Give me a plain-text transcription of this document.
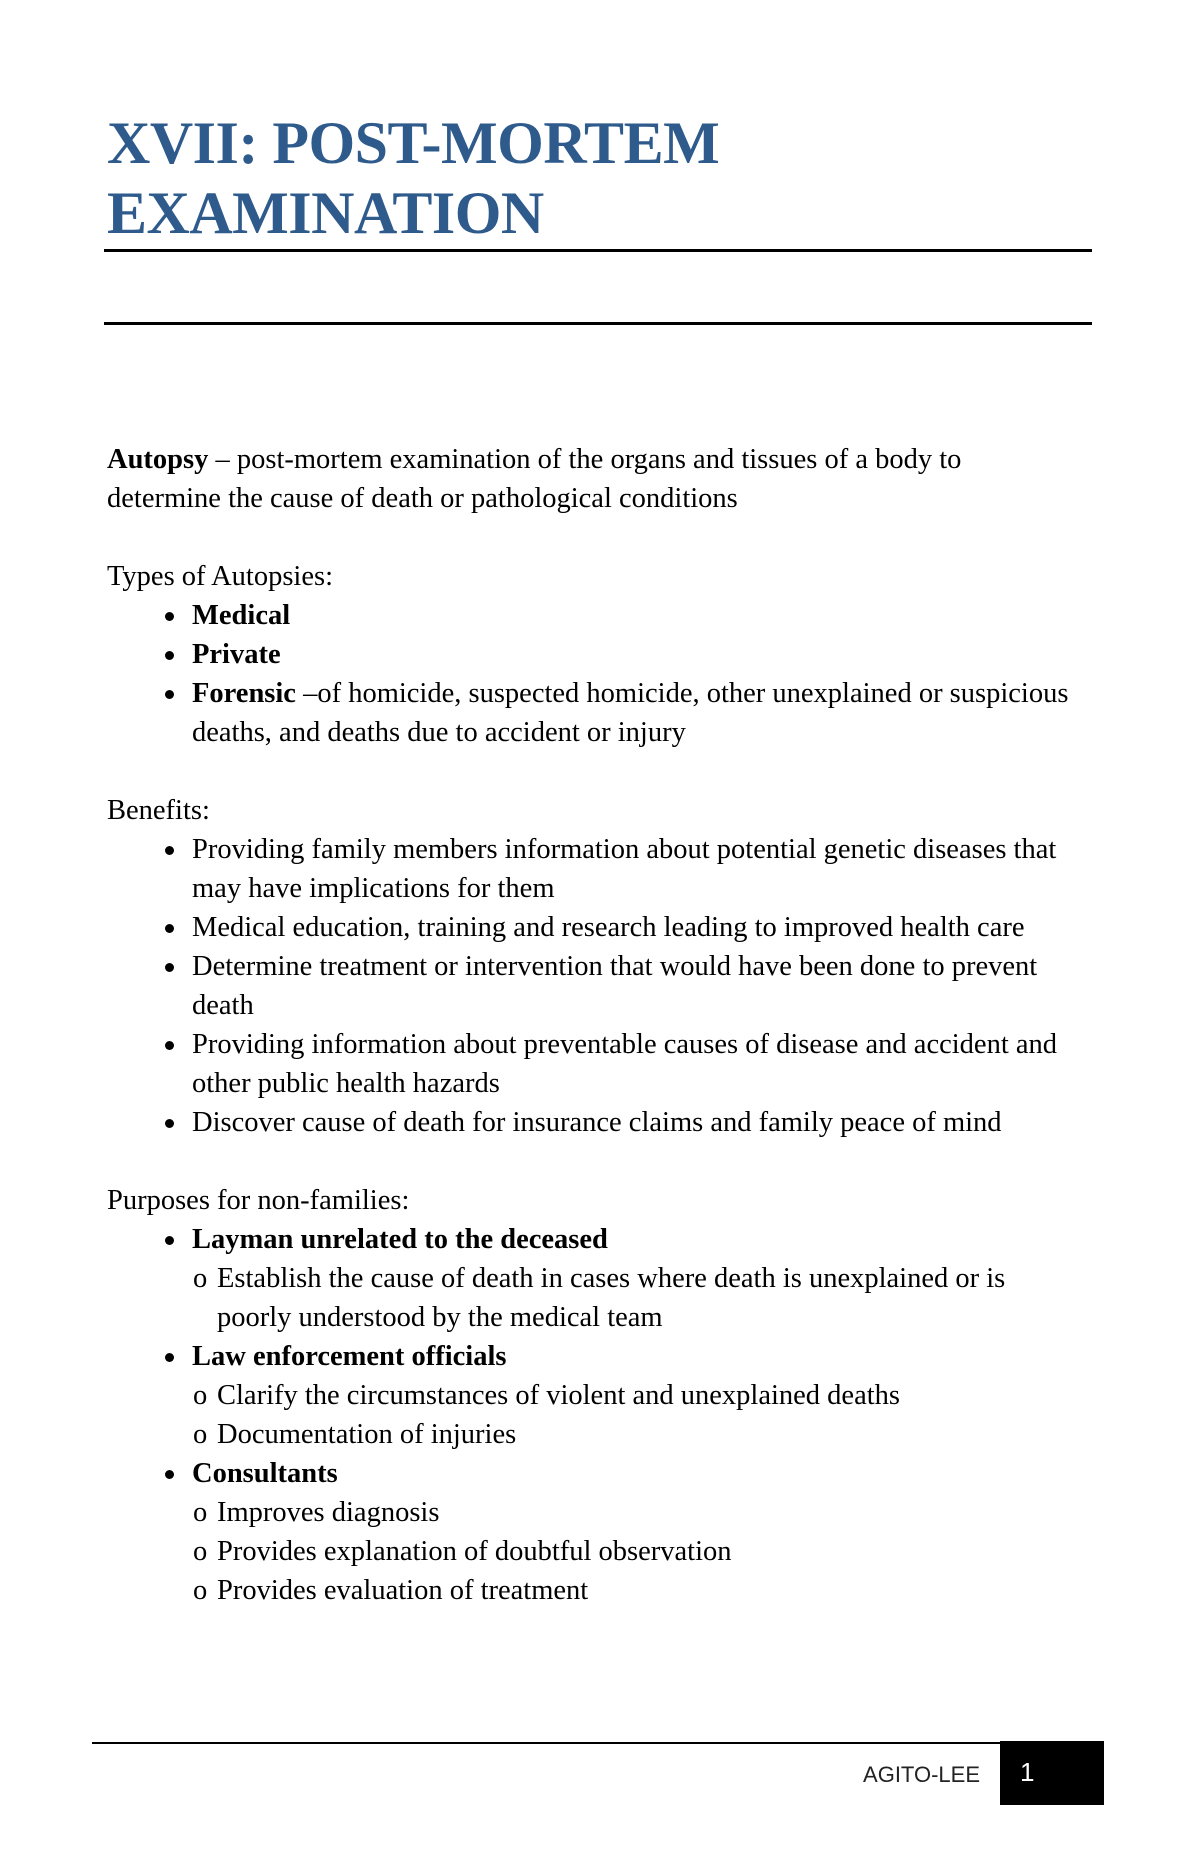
XVII: POST-MORTEM
EXAMINATION

Autopsy – post-mortem examination of the organs and tissues of a body to determine the cause of death or pathological conditions

Types of Autopsies:

Medical
Private
Forensic –of homicide, suspected homicide, other unexplained or suspicious deaths, and deaths due to accident or injury

Benefits:

Providing family members information about potential genetic diseases that may have implications for them
Medical education, training and research leading to improved health care
Determine treatment or intervention that would have been done to prevent death
Providing information about preventable causes of disease and accident and other public health hazards
Discover cause of death for insurance claims and family peace of mind

Purposes for non-families:

Layman unrelated to the deceased
o Establish the cause of death in cases where death is unexplained or is poorly understood by the medical team
Law enforcement officials
o Clarify the circumstances of violent and unexplained deaths
o Documentation of injuries
Consultants
o Improves diagnosis
o Provides explanation of doubtful observation
o Provides evaluation of treatment
AGITO-LEE 1
